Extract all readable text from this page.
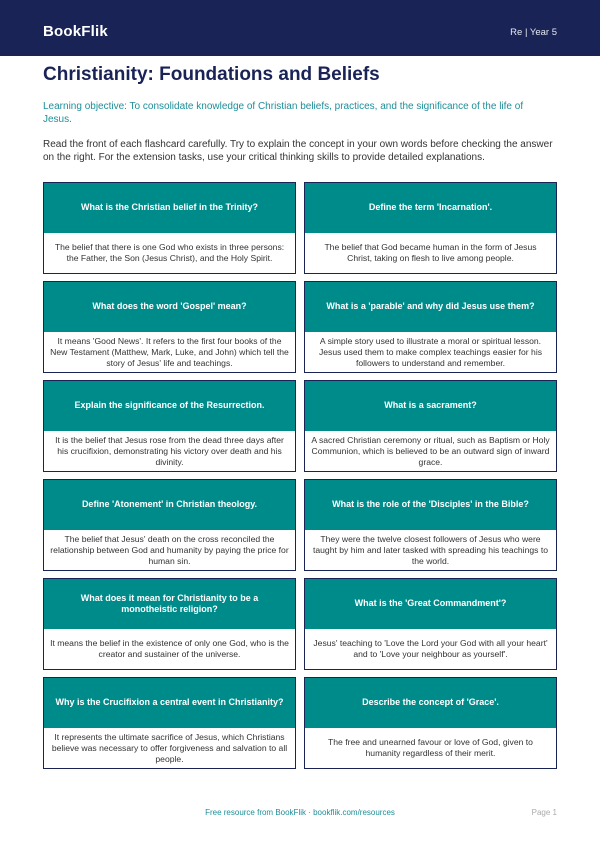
BookFlik	Re | Year 5
Christianity: Foundations and Beliefs

Learning objective: To consolidate knowledge of Christian beliefs, practices, and the significance of the life of Jesus.

Read the front of each flashcard carefully. Try to explain the concept in your own words before checking the answer on the right. For the extension tasks, use your critical thinking skills to provide detailed explanations.

What is the Christian belief in the Trinity?
The belief that there is one God who exists in three persons: the Father, the Son (Jesus Christ), and the Holy Spirit.
Define the term 'Incarnation'.
The belief that God became human in the form of Jesus Christ, taking on flesh to live among people.
What does the word 'Gospel' mean?
It means 'Good News'. It refers to the first four books of the New Testament (Matthew, Mark, Luke, and John) which tell the story of Jesus' life and teachings.
What is a 'parable' and why did Jesus use them?
A simple story used to illustrate a moral or spiritual lesson. Jesus used them to make complex teachings easier for his followers to understand and remember.
Explain the significance of the Resurrection.
It is the belief that Jesus rose from the dead three days after his crucifixion, demonstrating his victory over death and his divinity.
What is a sacrament?
A sacred Christian ceremony or ritual, such as Baptism or Holy Communion, which is believed to be an outward sign of inward grace.
Define 'Atonement' in Christian theology.
The belief that Jesus' death on the cross reconciled the relationship between God and humanity by paying the price for human sin.
What is the role of the 'Disciples' in the Bible?
They were the twelve closest followers of Jesus who were taught by him and later tasked with spreading his teachings to the world.
What does it mean for Christianity to be a monotheistic religion?
It means the belief in the existence of only one God, who is the creator and sustainer of the universe.
What is the 'Great Commandment'?
Jesus' teaching to 'Love the Lord your God with all your heart' and to 'Love your neighbour as yourself'.
Why is the Crucifixion a central event in Christianity?
It represents the ultimate sacrifice of Jesus, which Christians believe was necessary to offer forgiveness and salvation to all people.
Describe the concept of 'Grace'.
The free and unearned favour or love of God, given to humanity regardless of their merit.
Free resource from BookFlik · bookflik.com/resources	Page 1
